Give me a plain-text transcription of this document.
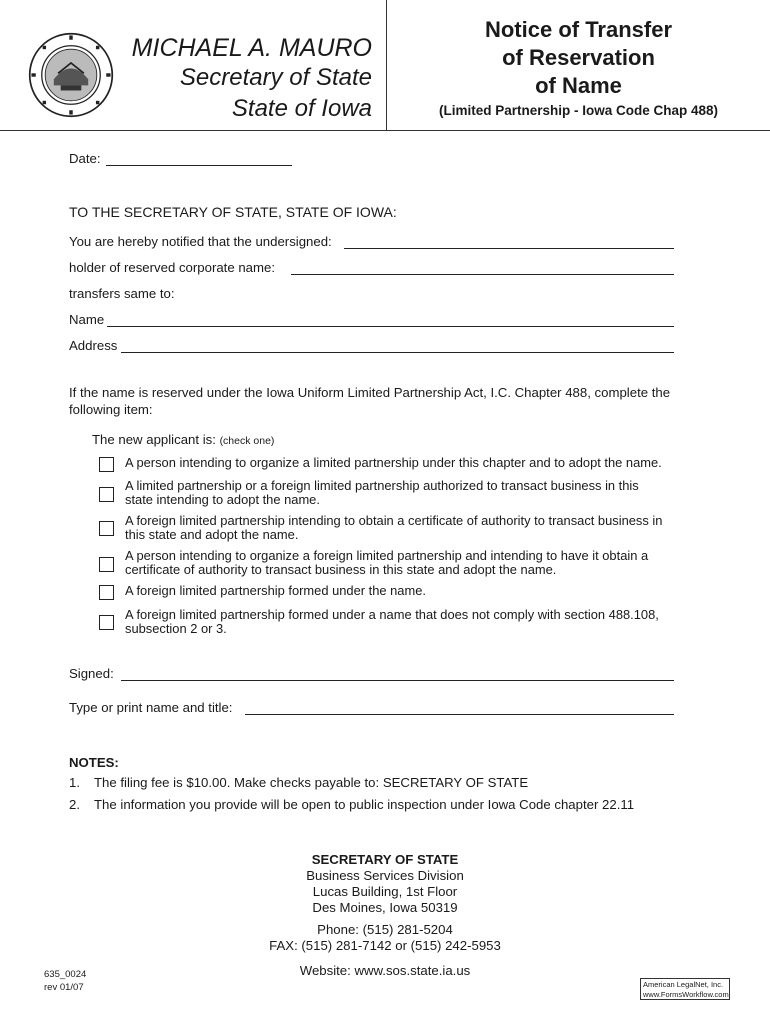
MICHAEL A. MAURO
Secretary of State
State of Iowa
Notice of Transfer
of Reservation
of Name
(Limited Partnership - Iowa Code Chap 488)
Date:
TO THE SECRETARY OF STATE, STATE OF IOWA:
You are hereby notified that the undersigned:
holder of reserved corporate name:
transfers same to:
Name
Address
If the name is reserved under the Iowa Uniform Limited Partnership Act, I.C. Chapter 488, complete the
following item:
The new applicant is: (check one)
A person intending to organize a limited partnership under this chapter and to adopt the name.
A limited partnership or a foreign limited partnership authorized to transact business in this
state intending to adopt the name.
A foreign limited partnership intending to obtain a certificate of authority to transact business in
this state and adopt the name.
A person intending to organize a foreign limited partnership and intending to have it obtain a
certificate of authority to transact business in this state and adopt the name.
A foreign limited partnership formed under the name.
A foreign limited partnership formed under a name that does not comply with section 488.108,
subsection 2 or 3.
Signed:
Type or print name and title:
NOTES:
1. The filing fee is $10.00. Make checks payable to: SECRETARY OF STATE
2. The information you provide will be open to public inspection under Iowa Code chapter 22.11
SECRETARY OF STATE
Business Services Division
Lucas Building, 1st Floor
Des Moines, Iowa 50319
Phone: (515) 281-5204
FAX: (515) 281-7142 or (515) 242-5953
Website: www.sos.state.ia.us
635_0024
rev 01/07	American LegalNet, Inc.
www.FormsWorkflow.com
